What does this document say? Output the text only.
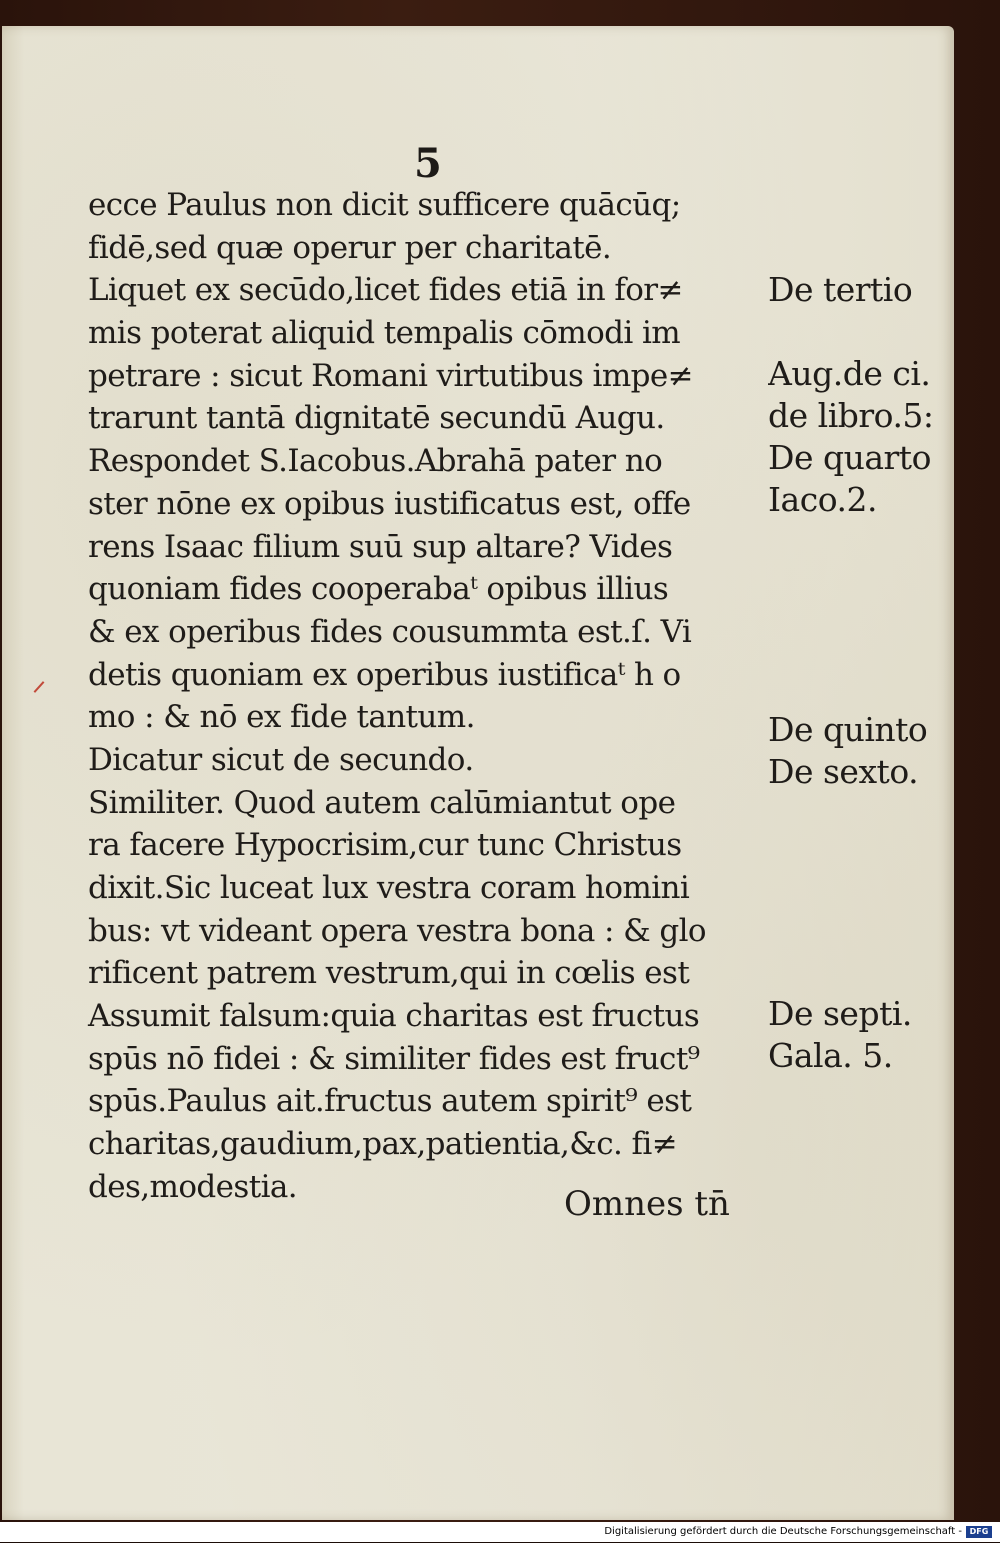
5
ecce Paulus non dicit sufficere quācūq;
fidē,sed quæ operur per charitatē.
Liquet ex secūdo,licet fides etiā in for≠
mis poterat aliquid tempalis cōmodi im
petrare : sicut Romani virtutibus impe≠
trarunt tantā dignitatē secundū Augu.
Respondet S.Iacobus.Abrahā pater no
ster nōne ex opibus iustificatus est, offe
rens Isaac filium suū sup altare? Vides
quoniam fides cooperabaᵗ opibus illius
& ex operibus fides cousummta est.ſ. Vi
detis quoniam ex operibus iustificaᵗ h o
mo : & nō ex fide tantum.
Dicatur sicut de secundo.
Similiter. Quod autem calūmiantut ope
ra facere Hypocrisim,cur tunc Christus
dixit.Sic luceat lux vestra coram homini
bus: vt videant opera vestra bona : & glo
rificent patrem vestrum,qui in cœlis est
Assumit falsum:quia charitas est fructus
spūs nō fidei : & similiter fides est fruct⁹
spūs.Paulus ait.fructus autem spirit⁹ est
charitas,gaudium,pax,patientia,&c. fi≠
des,modestia.	Omnes tn̄
De tertio
Aug.de ci.
de libro.5:
De quarto
Iaco.2.
De quinto
De sexto.
De septi.
Gala. 5.
Digitalisierung gefördert durch die Deutsche Forschungsgemeinschaft - DFG
